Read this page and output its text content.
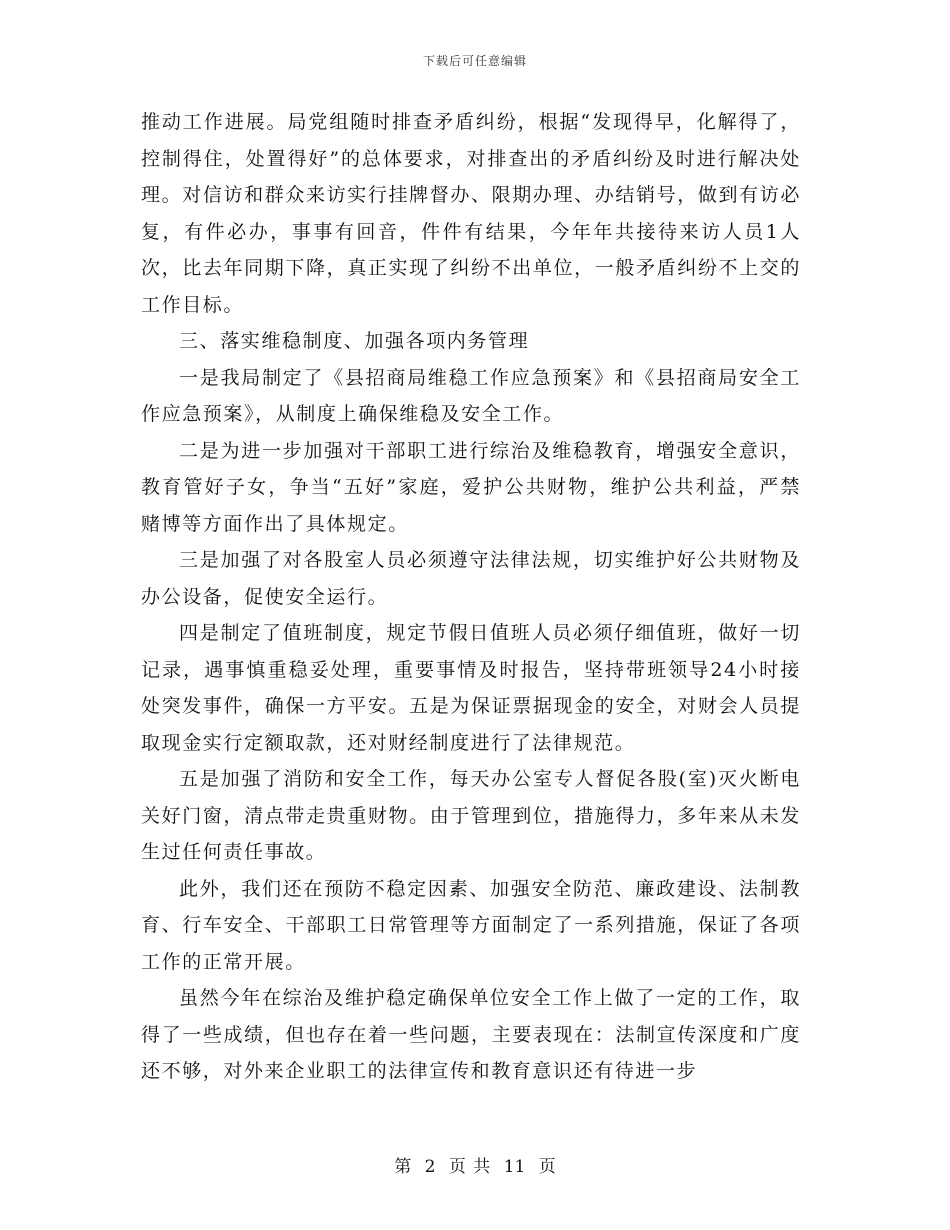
下载后可任意编辑

推动工作进展。局党组随时排查矛盾纠纷，根据“发现得早，化解得了，控制得住，处置得好”的总体要求，对排查出的矛盾纠纷及时进行解决处理。对信访和群众来访实行挂牌督办、限期办理、办结销号，做到有访必复，有件必办，事事有回音，件件有结果，今年年共接待来访人员1人次，比去年同期下降，真正实现了纠纷不出单位，一般矛盾纠纷不上交的工作目标。

三、落实维稳制度、加强各项内务管理

一是我局制定了《县招商局维稳工作应急预案》和《县招商局安全工作应急预案》，从制度上确保维稳及安全工作。

二是为进一步加强对干部职工进行综治及维稳教育，增强安全意识，教育管好子女，争当“五好”家庭，爱护公共财物，维护公共利益，严禁赌博等方面作出了具体规定。

三是加强了对各股室人员必须遵守法律法规，切实维护好公共财物及办公设备，促使安全运行。

四是制定了值班制度，规定节假日值班人员必须仔细值班，做好一切记录，遇事慎重稳妥处理，重要事情及时报告，坚持带班领导24小时接处突发事件，确保一方平安。五是为保证票据现金的安全，对财会人员提取现金实行定额取款，还对财经制度进行了法律规范。

五是加强了消防和安全工作，每天办公室专人督促各股(室)灭火断电关好门窗，清点带走贵重财物。由于管理到位，措施得力，多年来从未发生过任何责任事故。

此外，我们还在预防不稳定因素、加强安全防范、廉政建设、法制教育、行车安全、干部职工日常管理等方面制定了一系列措施，保证了各项工作的正常开展。

虽然今年在综治及维护稳定确保单位安全工作上做了一定的工作，取得了一些成绩，但也存在着一些问题，主要表现在：法制宣传深度和广度还不够，对外来企业职工的法律宣传和教育意识还有待进一步

第 2 页 共 11 页
